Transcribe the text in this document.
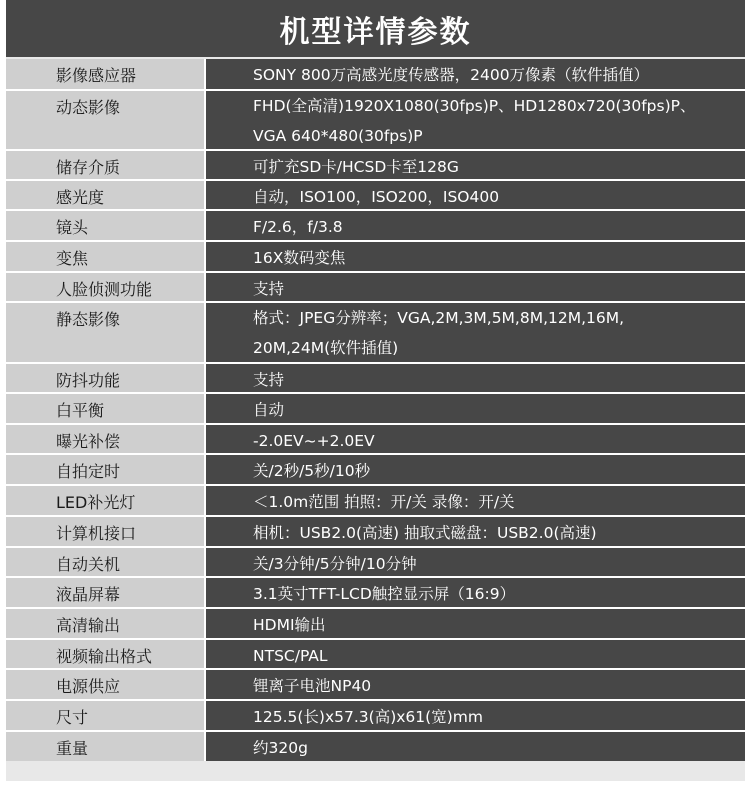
机型详情参数
影像感应器	SONY 800万高感光度传感器，2400万像素（软件插值）
动态影像	FHD(全高清)1920X1080(30fps)P、HD1280x720(30fps)P、
VGA 640*480(30fps)P
储存介质	可扩充SD卡/HCSD卡至128G
感光度	自动，ISO100，ISO200，ISO400
镜头	F/2.6，f/3.8
变焦	16X数码变焦
人脸侦测功能	支持
静态影像	格式：JPEG分辨率；VGA,2M,3M,5M,8M,12M,16M,
20M,24M(软件插值)
防抖功能	支持
白平衡	自动
曝光补偿	-2.0EV~+2.0EV
自拍定时	关/2秒/5秒/10秒
LED补光灯	＜1.0m范围 拍照：开/关 录像：开/关
计算机接口	相机：USB2.0(高速) 抽取式磁盘：USB2.0(高速)
自动关机	关/3分钟/5分钟/10分钟
液晶屏幕	3.1英寸TFT-LCD触控显示屏（16:9）
高清输出	HDMI输出
视频输出格式	NTSC/PAL
电源供应	锂离子电池NP40
尺寸	125.5(长)x57.3(高)x61(宽)mm
重量	约320g
